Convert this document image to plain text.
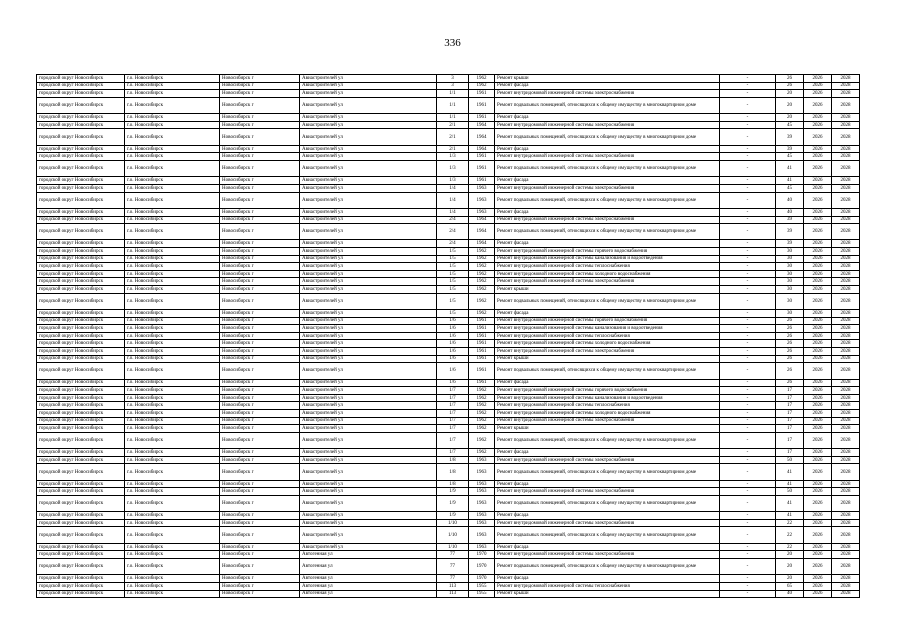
336
городской округ Новосибирск	г.о. Новосибирск	Новосибирск г	Авиастроителей ул	3	1962	Ремонт крыши	-	26	2026	2028
городской округ Новосибирск	г.о. Новосибирск	Новосибирск г	Авиастроителей ул	3	1962	Ремонт фасада	-	26	2026	2028
городской округ Новосибирск	г.о. Новосибирск	Новосибирск г	Авиастроителей ул	1/1	1961	Ремонт внутридомовой инженерной системы электроснабжения	-	20	2026	2028
городской округ Новосибирск	г.о. Новосибирск	Новосибирск г	Авиастроителей ул	1/1	1961	Ремонт подвальных помещений, относящихся к общему имуществу в многоквартирном доме	-	20	2026	2028
городской округ Новосибирск	г.о. Новосибирск	Новосибирск г	Авиастроителей ул	1/1	1961	Ремонт фасада	-	20	2026	2028
городской округ Новосибирск	г.о. Новосибирск	Новосибирск г	Авиастроителей ул	2/1	1964	Ремонт внутридомовой инженерной системы электроснабжения	-	45	2026	2028
городской округ Новосибирск	г.о. Новосибирск	Новосибирск г	Авиастроителей ул	2/1	1964	Ремонт подвальных помещений, относящихся к общему имуществу в многоквартирном доме	-	39	2026	2028
городской округ Новосибирск	г.о. Новосибирск	Новосибирск г	Авиастроителей ул	2/1	1964	Ремонт фасада	-	39	2026	2028
городской округ Новосибирск	г.о. Новосибирск	Новосибирск г	Авиастроителей ул	1/3	1961	Ремонт внутридомовой инженерной системы электроснабжения	-	45	2026	2028
городской округ Новосибирск	г.о. Новосибирск	Новосибирск г	Авиастроителей ул	1/3	1961	Ремонт подвальных помещений, относящихся к общему имуществу в многоквартирном доме	-	41	2026	2028
городской округ Новосибирск	г.о. Новосибирск	Новосибирск г	Авиастроителей ул	1/3	1961	Ремонт фасада	-	41	2026	2028
городской округ Новосибирск	г.о. Новосибирск	Новосибирск г	Авиастроителей ул	1/4	1963	Ремонт внутридомовой инженерной системы электроснабжения	-	45	2026	2028
городской округ Новосибирск	г.о. Новосибирск	Новосибирск г	Авиастроителей ул	1/4	1963	Ремонт подвальных помещений, относящихся к общему имуществу в многоквартирном доме	-	40	2026	2028
городской округ Новосибирск	г.о. Новосибирск	Новосибирск г	Авиастроителей ул	1/4	1963	Ремонт фасада	-	40	2026	2028
городской округ Новосибирск	г.о. Новосибирск	Новосибирск г	Авиастроителей ул	2/4	1964	Ремонт внутридомовой инженерной системы электроснабжения	-	39	2026	2028
городской округ Новосибирск	г.о. Новосибирск	Новосибирск г	Авиастроителей ул	2/4	1964	Ремонт подвальных помещений, относящихся к общему имуществу в многоквартирном доме	-	39	2026	2028
городской округ Новосибирск	г.о. Новосибирск	Новосибирск г	Авиастроителей ул	2/4	1964	Ремонт фасада	-	39	2026	2028
городской округ Новосибирск	г.о. Новосибирск	Новосибирск г	Авиастроителей ул	1/5	1962	Ремонт внутридомовой инженерной системы горячего водоснабжения	-	30	2026	2028
городской округ Новосибирск	г.о. Новосибирск	Новосибирск г	Авиастроителей ул	1/5	1962	Ремонт внутридомовой инженерной системы канализования и водоотведения	-	30	2026	2028
городской округ Новосибирск	г.о. Новосибирск	Новосибирск г	Авиастроителей ул	1/5	1962	Ремонт внутридомовой инженерной системы теплоснабжения	-	30	2026	2028
городской округ Новосибирск	г.о. Новосибирск	Новосибирск г	Авиастроителей ул	1/5	1962	Ремонт внутридомовой инженерной системы холодного водоснабжения	-	30	2026	2028
городской округ Новосибирск	г.о. Новосибирск	Новосибирск г	Авиастроителей ул	1/5	1962	Ремонт внутридомовой инженерной системы электроснабжения	-	30	2026	2028
городской округ Новосибирск	г.о. Новосибирск	Новосибирск г	Авиастроителей ул	1/5	1962	Ремонт крыши	-	30	2026	2028
городской округ Новосибирск	г.о. Новосибирск	Новосибирск г	Авиастроителей ул	1/5	1962	Ремонт подвальных помещений, относящихся к общему имуществу в многоквартирном доме	-	30	2026	2028
городской округ Новосибирск	г.о. Новосибирск	Новосибирск г	Авиастроителей ул	1/5	1962	Ремонт фасада	-	30	2026	2028
городской округ Новосибирск	г.о. Новосибирск	Новосибирск г	Авиастроителей ул	1/6	1961	Ремонт внутридомовой инженерной системы горячего водоснабжения	-	26	2026	2028
городской округ Новосибирск	г.о. Новосибирск	Новосибирск г	Авиастроителей ул	1/6	1961	Ремонт внутридомовой инженерной системы канализования и водоотведения	-	26	2026	2028
городской округ Новосибирск	г.о. Новосибирск	Новосибирск г	Авиастроителей ул	1/6	1961	Ремонт внутридомовой инженерной системы теплоснабжения	-	26	2026	2028
городской округ Новосибирск	г.о. Новосибирск	Новосибирск г	Авиастроителей ул	1/6	1961	Ремонт внутридомовой инженерной системы холодного водоснабжения	-	26	2026	2028
городской округ Новосибирск	г.о. Новосибирск	Новосибирск г	Авиастроителей ул	1/6	1961	Ремонт внутридомовой инженерной системы электроснабжения	-	26	2026	2028
городской округ Новосибирск	г.о. Новосибирск	Новосибирск г	Авиастроителей ул	1/6	1961	Ремонт крыши	-	26	2026	2028
городской округ Новосибирск	г.о. Новосибирск	Новосибирск г	Авиастроителей ул	1/6	1961	Ремонт подвальных помещений, относящихся к общему имуществу в многоквартирном доме	-	26	2026	2028
городской округ Новосибирск	г.о. Новосибирск	Новосибирск г	Авиастроителей ул	1/6	1961	Ремонт фасада	-	26	2026	2028
городской округ Новосибирск	г.о. Новосибирск	Новосибирск г	Авиастроителей ул	1/7	1962	Ремонт внутридомовой инженерной системы горячего водоснабжения	-	17	2026	2028
городской округ Новосибирск	г.о. Новосибирск	Новосибирск г	Авиастроителей ул	1/7	1962	Ремонт внутридомовой инженерной системы канализования и водоотведения	-	17	2026	2028
городской округ Новосибирск	г.о. Новосибирск	Новосибирск г	Авиастроителей ул	1/7	1962	Ремонт внутридомовой инженерной системы теплоснабжения	-	17	2026	2028
городской округ Новосибирск	г.о. Новосибирск	Новосибирск г	Авиастроителей ул	1/7	1962	Ремонт внутридомовой инженерной системы холодного водоснабжения	-	17	2026	2028
городской округ Новосибирск	г.о. Новосибирск	Новосибирск г	Авиастроителей ул	1/7	1962	Ремонт внутридомовой инженерной системы электроснабжения	-	17	2026	2028
городской округ Новосибирск	г.о. Новосибирск	Новосибирск г	Авиастроителей ул	1/7	1962	Ремонт крыши	-	17	2026	2028
городской округ Новосибирск	г.о. Новосибирск	Новосибирск г	Авиастроителей ул	1/7	1962	Ремонт подвальных помещений, относящихся к общему имуществу в многоквартирном доме	-	17	2026	2028
городской округ Новосибирск	г.о. Новосибирск	Новосибирск г	Авиастроителей ул	1/7	1962	Ремонт фасада	-	17	2026	2028
городской округ Новосибирск	г.о. Новосибирск	Новосибирск г	Авиастроителей ул	1/8	1963	Ремонт внутридомовой инженерной системы электроснабжения	-	50	2026	2028
городской округ Новосибирск	г.о. Новосибирск	Новосибирск г	Авиастроителей ул	1/8	1963	Ремонт подвальных помещений, относящихся к общему имуществу в многоквартирном доме	-	41	2026	2028
городской округ Новосибирск	г.о. Новосибирск	Новосибирск г	Авиастроителей ул	1/8	1963	Ремонт фасада	-	41	2026	2028
городской округ Новосибирск	г.о. Новосибирск	Новосибирск г	Авиастроителей ул	1/9	1963	Ремонт внутридомовой инженерной системы электроснабжения	-	50	2026	2028
городской округ Новосибирск	г.о. Новосибирск	Новосибирск г	Авиастроителей ул	1/9	1963	Ремонт подвальных помещений, относящихся к общему имуществу в многоквартирном доме	-	41	2026	2028
городской округ Новосибирск	г.о. Новосибирск	Новосибирск г	Авиастроителей ул	1/9	1963	Ремонт фасада	-	41	2026	2028
городской округ Новосибирск	г.о. Новосибирск	Новосибирск г	Авиастроителей ул	1/10	1963	Ремонт внутридомовой инженерной системы электроснабжения	-	22	2026	2028
городской округ Новосибирск	г.о. Новосибирск	Новосибирск г	Авиастроителей ул	1/10	1963	Ремонт подвальных помещений, относящихся к общему имуществу в многоквартирном доме	-	22	2026	2028
городской округ Новосибирск	г.о. Новосибирск	Новосибирск г	Авиастроителей ул	1/10	1963	Ремонт фасада	-	22	2026	2028
городской округ Новосибирск	г.о. Новосибирск	Новосибирск г	Автогенная ул	77	1970	Ремонт внутридомовой инженерной системы электроснабжения	-	20	2026	2028
городской округ Новосибирск	г.о. Новосибирск	Новосибирск г	Автогенная ул	77	1970	Ремонт подвальных помещений, относящихся к общему имуществу в многоквартирном доме	-	20	2026	2028
городской округ Новосибирск	г.о. Новосибирск	Новосибирск г	Автогенная ул	77	1970	Ремонт фасада	-	20	2026	2028
городской округ Новосибирск	г.о. Новосибирск	Новосибирск г	Автогенная ул	113	1955	Ремонт внутридомовой инженерной системы теплоснабжения	-	65	2026	2028
городской округ Новосибирск	г.о. Новосибирск	Новосибирск г	Автогенная ул	113	1955	Ремонт крыши	-	40	2026	2028
